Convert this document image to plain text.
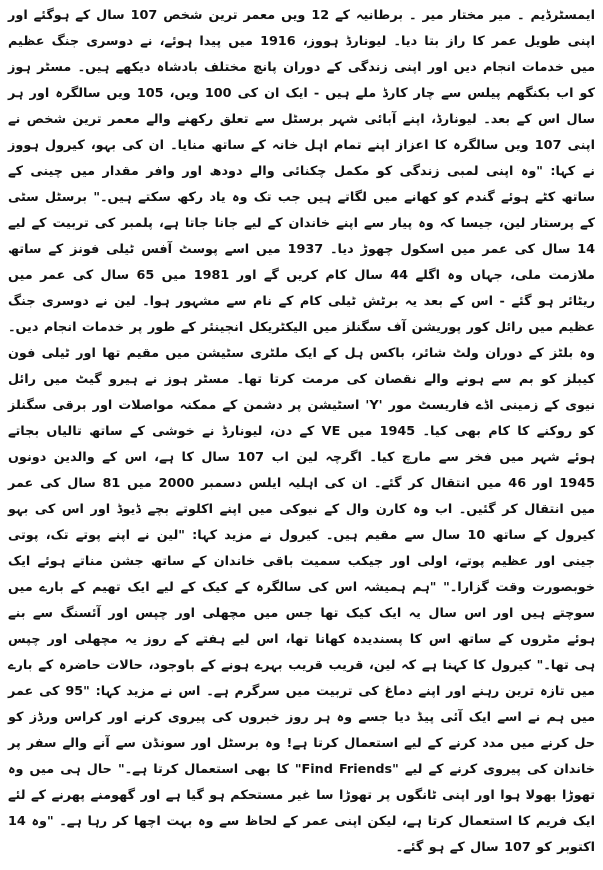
ایمسٹرڈیم ۔ میر مختار میر ۔ برطانیہ کے 12 ویں معمر ترین شخص 107 سال کے ہوگئے اور اپنی طویل عمر کا راز بتا دیا۔ لیونارڈ ہووز، 1916 میں پیدا ہوئے، نے دوسری جنگ عظیم میں خدمات انجام دیں اور اپنی زندگی کے دوران پانچ مختلف بادشاہ دیکھے ہیں۔ مسٹر ہوز کو اب بکنگھم پیلس سے چار کارڈ ملے ہیں - ایک ان کی 100 ویں، 105 ویں سالگرہ اور ہر سال اس کے بعد۔ لیونارڈ، اپنے آبائی شہر برسٹل سے تعلق رکھنے والے معمر ترین شخص نے اپنی 107 ویں سالگرہ کا اعزاز اپنے تمام اہل خانہ کے ساتھ منایا۔ ان کی بہو، کیرول ہووز نے کہا: "وہ اپنی لمبی زندگی کو مکمل چکنائی والے دودھ اور وافر مقدار میں چینی کے ساتھ کٹے ہوئے گندم کو کھانے میں لگاتے ہیں جب تک وہ یاد رکھ سکتے ہیں۔" برسٹل سٹی کے پرستار لین، جیسا کہ وہ پیار سے اپنے خاندان کے لیے جانا جاتا ہے، پلمبر کی تربیت کے لیے 14 سال کی عمر میں اسکول چھوڑ دیا۔ 1937 میں اسے پوسٹ آفس ٹیلی فونز کے ساتھ ملازمت ملی، جہاں وہ اگلے 44 سال کام کریں گے اور 1981 میں 65 سال کی عمر میں ریٹائر ہو گئے - اس کے بعد یہ برٹش ٹیلی کام کے نام سے مشہور ہوا۔ لین نے دوسری جنگ عظیم میں رائل کور پوریشن آف سگنلز میں الیکٹریکل انجینئر کے طور پر خدمات انجام دیں۔ وہ بلٹز کے دوران ولٹ شائر، باکس ہل کے ایک ملٹری سٹیشن میں مقیم تھا اور ٹیلی فون کیبلز کو بم سے ہونے والے نقصان کی مرمت کرتا تھا۔ مسٹر ہوز نے ہیرو گیٹ میں رائل نیوی کے زمینی اڈے فاریسٹ مور 'Y' اسٹیشن پر دشمن کے ممکنہ مواصلات اور برقی سگنلز کو روکنے کا کام بھی کیا۔ 1945 میں VE کے دن، لیونارڈ نے خوشی کے ساتھ تالیاں بجاتے ہوئے شہر میں فخر سے مارچ کیا۔ اگرچہ لین اب 107 سال کا ہے، اس کے والدین دونوں 1945 اور 46 میں انتقال کر گئے۔ ان کی اہلیہ ایلس دسمبر 2000 میں 81 سال کی عمر میں انتقال کر گئیں۔ اب وہ کارن وال کے نیوکی میں اپنے اکلوتے بچے ڈیوڈ اور اس کی بہو کیرول کے ساتھ 10 سال سے مقیم ہیں۔ کیرول نے مزید کہا: "لین نے اپنے پوتے تک، پوتی جینی اور عظیم پوتے، اولی اور جیکب سمیت باقی خاندان کے ساتھ جشن مناتے ہوئے ایک خوبصورت وقت گزارا۔" "ہم ہمیشہ اس کی سالگرہ کے کیک کے لیے ایک تھیم کے بارے میں سوچتے ہیں اور اس سال یہ ایک کیک تھا جس میں مچھلی اور چپس اور آئسنگ سے بنے ہوئے مٹروں کے ساتھ اس کا پسندیدہ کھانا تھا، اس لیے ہفتے کے روز یہ مچھلی اور چپس ہی تھا۔" کیرول کا کہنا ہے کہ لین، قریب قریب بہرے ہونے کے باوجود، حالات حاضرہ کے بارے میں تازہ ترین رہنے اور اپنے دماغ کی تربیت میں سرگرم ہے۔ اس نے مزید کہا: "95 کی عمر میں ہم نے اسے ایک آئی پیڈ دیا جسے وہ ہر روز خبروں کی پیروی کرنے اور کراس ورڈز کو حل کرنے میں مدد کرنے کے لیے استعمال کرتا ہے! وہ برسٹل اور سونڈن سے آنے والے سفر پر خاندان کی پیروی کرنے کے لیے "Find Friends" کا بھی استعمال کرتا ہے۔" حال ہی میں وہ تھوڑا بھولا ہوا اور اپنی ٹانگوں پر تھوڑا سا غیر مستحکم ہو گیا ہے اور گھومنے پھرنے کے لئے ایک فریم کا استعمال کرتا ہے، لیکن اپنی عمر کے لحاظ سے وہ بہت اچھا کر رہا ہے۔ "وہ 14 اکتوبر کو 107 سال کے ہو گئے۔
